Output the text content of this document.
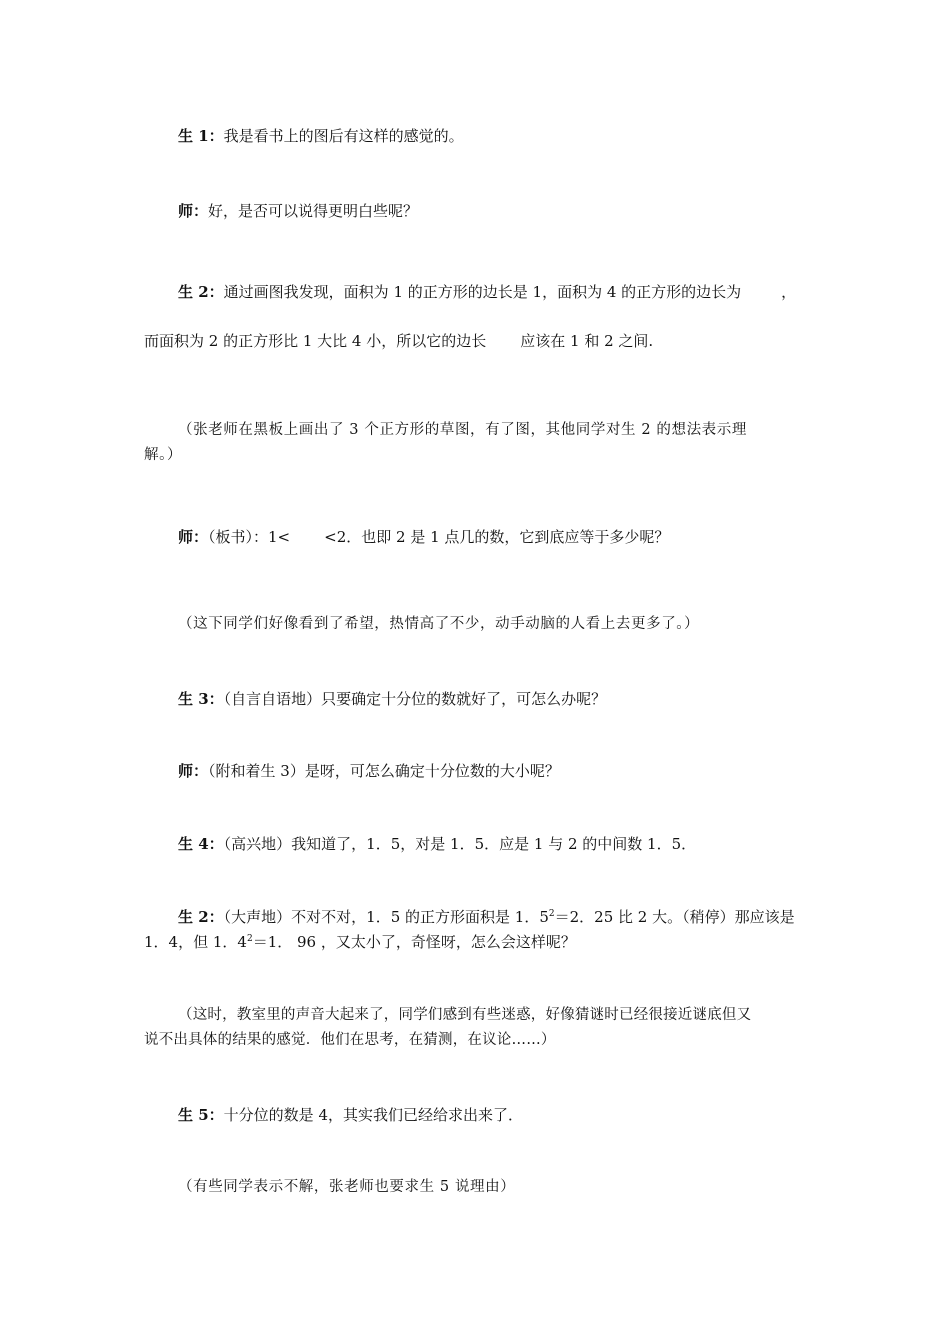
生 1：我是看书上的图后有这样的感觉的。
师：好，是否可以说得更明白些呢？
生 2：通过画图我发现，面积为 1 的正方形的边长是 1，面积为 4 的正方形的边长为	，
而面积为 2 的正方形比 1 大比 4 小，所以它的边长 应该在 1 和 2 之间.
（张老师在黑板上画出了 3 个正方形的草图，有了图，其他同学对生 2 的想法表示理
解。）
师：（板书）：1< <2．也即 2 是 1 点几的数，它到底应等于多少呢？
（这下同学们好像看到了希望，热情高了不少，动手动脑的人看上去更多了。）
生 3：（自言自语地）只要确定十分位的数就好了，可怎么办呢？
师：（附和着生 3）是呀，可怎么确定十分位数的大小呢？
生 4：（高兴地）我知道了，1．5，对是 1．5．应是 1 与 2 的中间数 1．5．
生 2：（大声地）不对不对，1．5 的正方形面积是 1．$5^2=2$．25 比 2 大。（稍停）那应该是
1．4，但 1．$4^2=1$． 96 ，又太小了，奇怪呀，怎么会这样呢？
（这时，教室里的声音大起来了，同学们感到有些迷惑，好像猜谜时已经很接近谜底但又
说不出具体的结果的感觉．他们在思考，在猜测，在议论……）
生 5：十分位的数是 4，其实我们已经给求出来了．
（有些同学表示不解，张老师也要求生 5 说理由）
